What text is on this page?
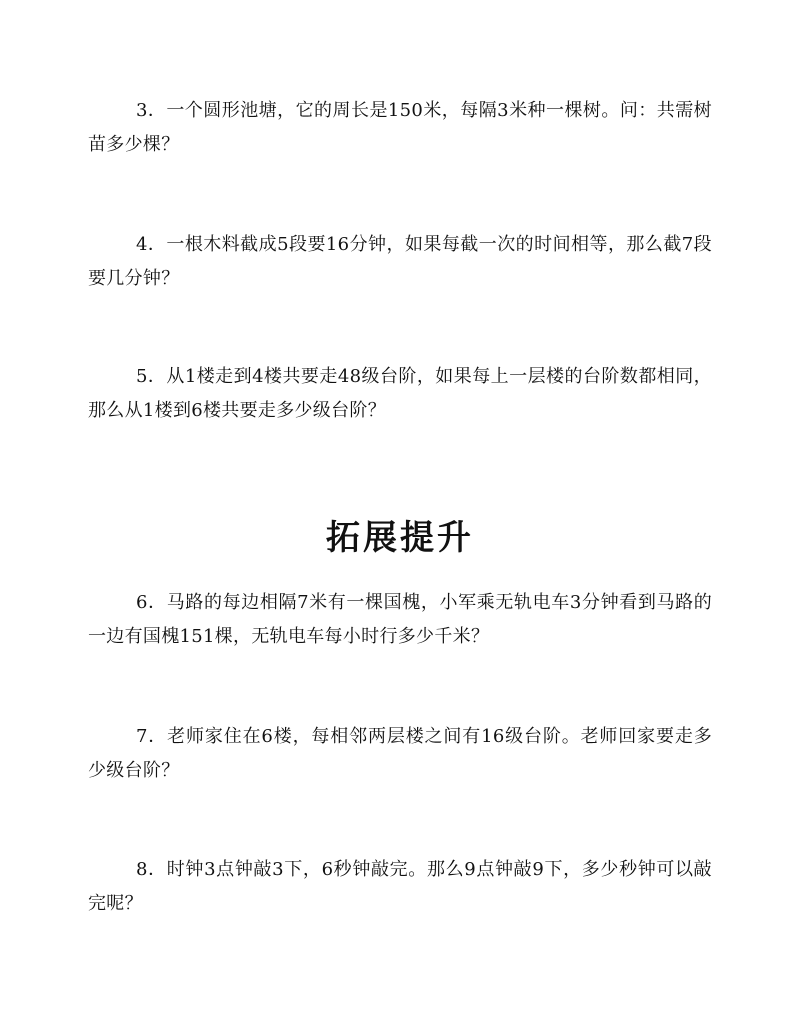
3．一个圆形池塘，它的周长是150米，每隔3米种一棵树。问：共需树苗多少棵？

4．一根木料截成5段要16分钟，如果每截一次的时间相等，那么截7段要几分钟？

5．从1楼走到4楼共要走48级台阶，如果每上一层楼的台阶数都相同，那么从1楼到6楼共要走多少级台阶？

拓展提升

6．马路的每边相隔7米有一棵国槐，小军乘无轨电车3分钟看到马路的一边有国槐151棵，无轨电车每小时行多少千米？

7．老师家住在6楼，每相邻两层楼之间有16级台阶。老师回家要走多少级台阶？

8．时钟3点钟敲3下，6秒钟敲完。那么9点钟敲9下，多少秒钟可以敲完呢？
